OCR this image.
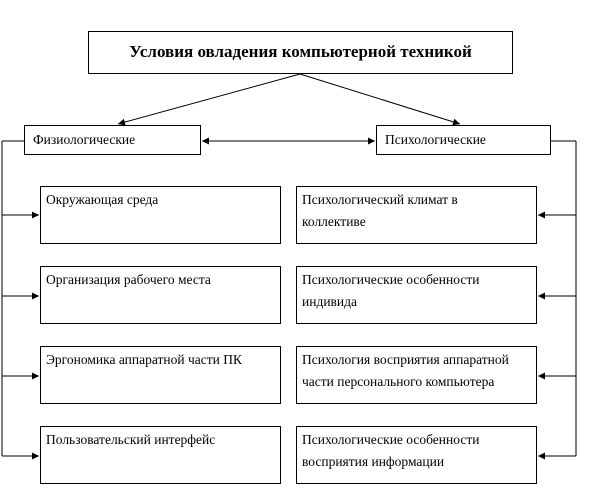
Условия овладения компьютерной техникой
Физиологические	Психологические
Окружающая среда
Организация рабочего места
Эргономика аппаратной части ПК
Пользовательский интерфейс
Психологический климат в
коллективе
Психологические особенности
индивида
Психология восприятия аппаратной
части персонального компьютера
Психологические особенности
восприятия информации
